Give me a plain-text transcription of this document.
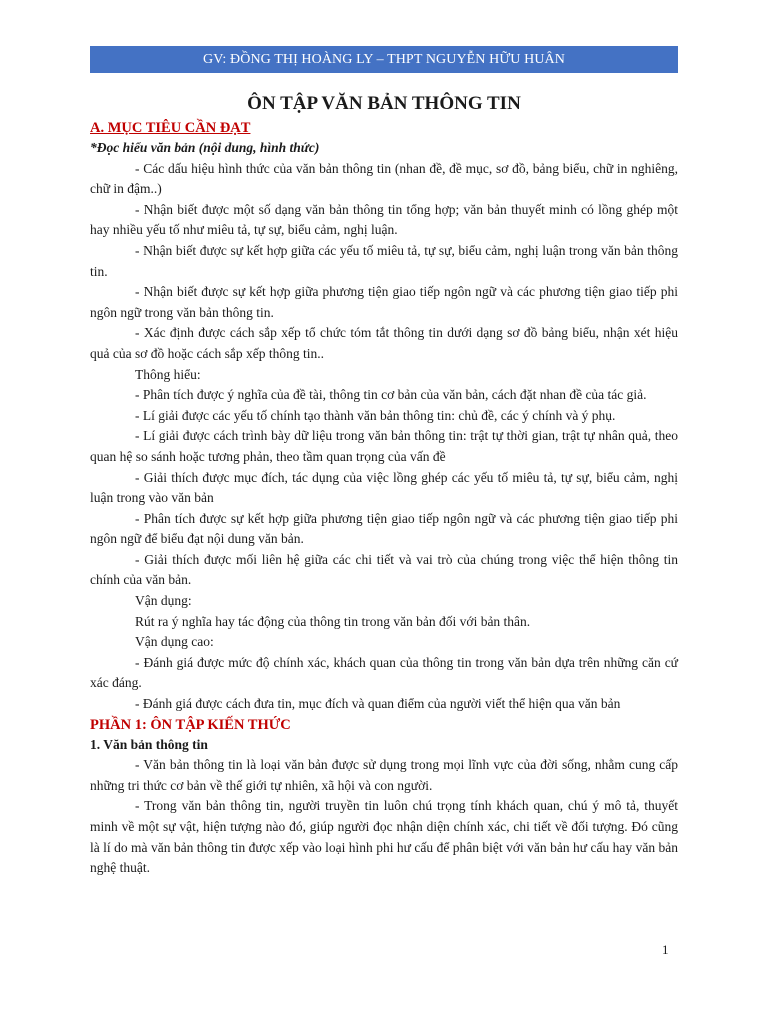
GV: ĐỒNG THỊ HOÀNG LY – THPT NGUYỄN HỮU HUÂN
ÔN TẬP VĂN BẢN THÔNG TIN
A. MỤC TIÊU CẦN ĐẠT
*Đọc hiểu văn bản (nội dung, hình thức)

- Các dấu hiệu hình thức của văn bản thông tin (nhan đề, đề mục, sơ đồ, bảng biểu, chữ in nghiêng, chữ in đậm..)

- Nhận biết được một số dạng văn bản thông tin tổng hợp; văn bản thuyết minh có lồng ghép một hay nhiều yếu tố như miêu tả, tự sự, biểu cảm, nghị luận.

- Nhận biết được sự kết hợp giữa các yếu tố miêu tả, tự sự, biểu cảm, nghị luận trong văn bản thông tin.

- Nhận biết được sự kết hợp giữa phương tiện giao tiếp ngôn ngữ và các phương tiện giao tiếp phi ngôn ngữ trong văn bản thông tin.

- Xác định được cách sắp xếp tổ chức tóm tắt thông tin dưới dạng sơ đồ bảng biểu, nhận xét hiệu quả của sơ đồ hoặc cách sắp xếp thông tin..

Thông hiểu:

- Phân tích được ý nghĩa của đề tài, thông tin cơ bản của văn bản, cách đặt nhan đề của tác giả.

- Lí giải được các yếu tố chính tạo thành văn bản thông tin: chủ đề, các ý chính và ý phụ.

- Lí giải được cách trình bày dữ liệu trong văn bản thông tin: trật tự thời gian, trật tự nhân quả, theo quan hệ so sánh hoặc tương phản, theo tầm quan trọng của vấn đề

- Giải thích được mục đích, tác dụng của việc lồng ghép các yếu tố miêu tả, tự sự, biểu cảm, nghị luận trong vào văn bản

- Phân tích được sự kết hợp giữa phương tiện giao tiếp ngôn ngữ và các phương tiện giao tiếp phi ngôn ngữ để biểu đạt nội dung văn bản.

- Giải thích được mối liên hệ giữa các chi tiết và vai trò của chúng trong việc thể hiện thông tin chính của văn bản.

Vận dụng:

Rút ra ý nghĩa hay tác động của thông tin trong văn bản đối với bản thân.

Vận dụng cao:

- Đánh giá được mức độ chính xác, khách quan của thông tin trong văn bản dựa trên những căn cứ xác đáng.

- Đánh giá được cách đưa tin, mục đích và quan điểm của người viết thể hiện qua văn bản

PHẦN 1: ÔN TẬP KIẾN THỨC
1. Văn bản thông tin

- Văn bản thông tin là loại văn bản được sử dụng trong mọi lĩnh vực của đời sống, nhằm cung cấp những tri thức cơ bản về thế giới tự nhiên, xã hội và con người.

- Trong văn bản thông tin, người truyền tin luôn chú trọng tính khách quan, chú ý mô tả, thuyết minh về một sự vật, hiện tượng nào đó, giúp người đọc nhận diện chính xác, chi tiết về đối tượng. Đó cũng là lí do mà văn bản thông tin được xếp vào loại hình phi hư cấu để phân biệt với văn bản hư cấu hay văn bản nghệ thuật.

1
